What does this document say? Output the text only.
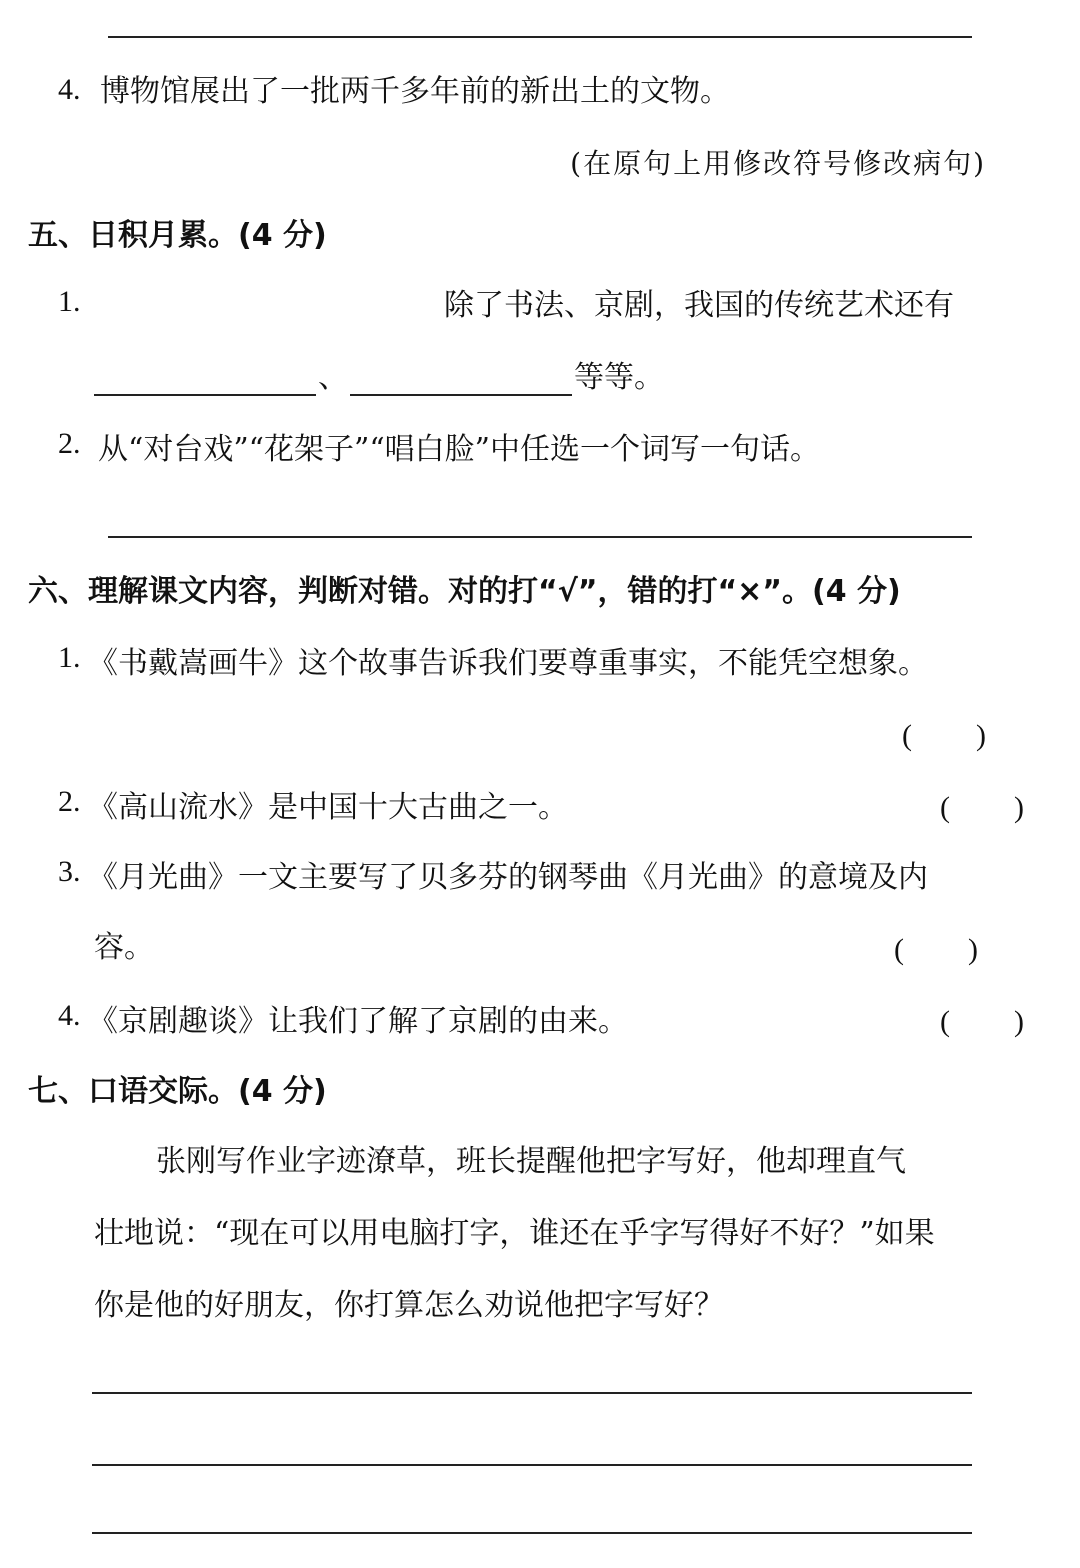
4. 博物馆展出了一批两千多年前的新出土的文物。
(在原句上用修改符号修改病句)
五、日积月累。(4 分)
1.	除了书法、京剧，我国的传统艺术还有
、	等等。
2. 从“对台戏”“花架子”“唱白脸”中任选一个词写一句话。
六、理解课文内容，判断对错。对的打“√”，错的打“×”。(4 分)
1. 《书戴嵩画牛》这个故事告诉我们要尊重事实，不能凭空想象。
( )
2. 《高山流水》是中国十大古曲之一。	( )
3. 《月光曲》一文主要写了贝多芬的钢琴曲《月光曲》的意境及内
容。	( )
4. 《京剧趣谈》让我们了解了京剧的由来。	( )
七、口语交际。(4 分)
张刚写作业字迹潦草，班长提醒他把字写好，他却理直气
壮地说：“现在可以用电脑打字，谁还在乎字写得好不好？”如果
你是他的好朋友，你打算怎么劝说他把字写好？
